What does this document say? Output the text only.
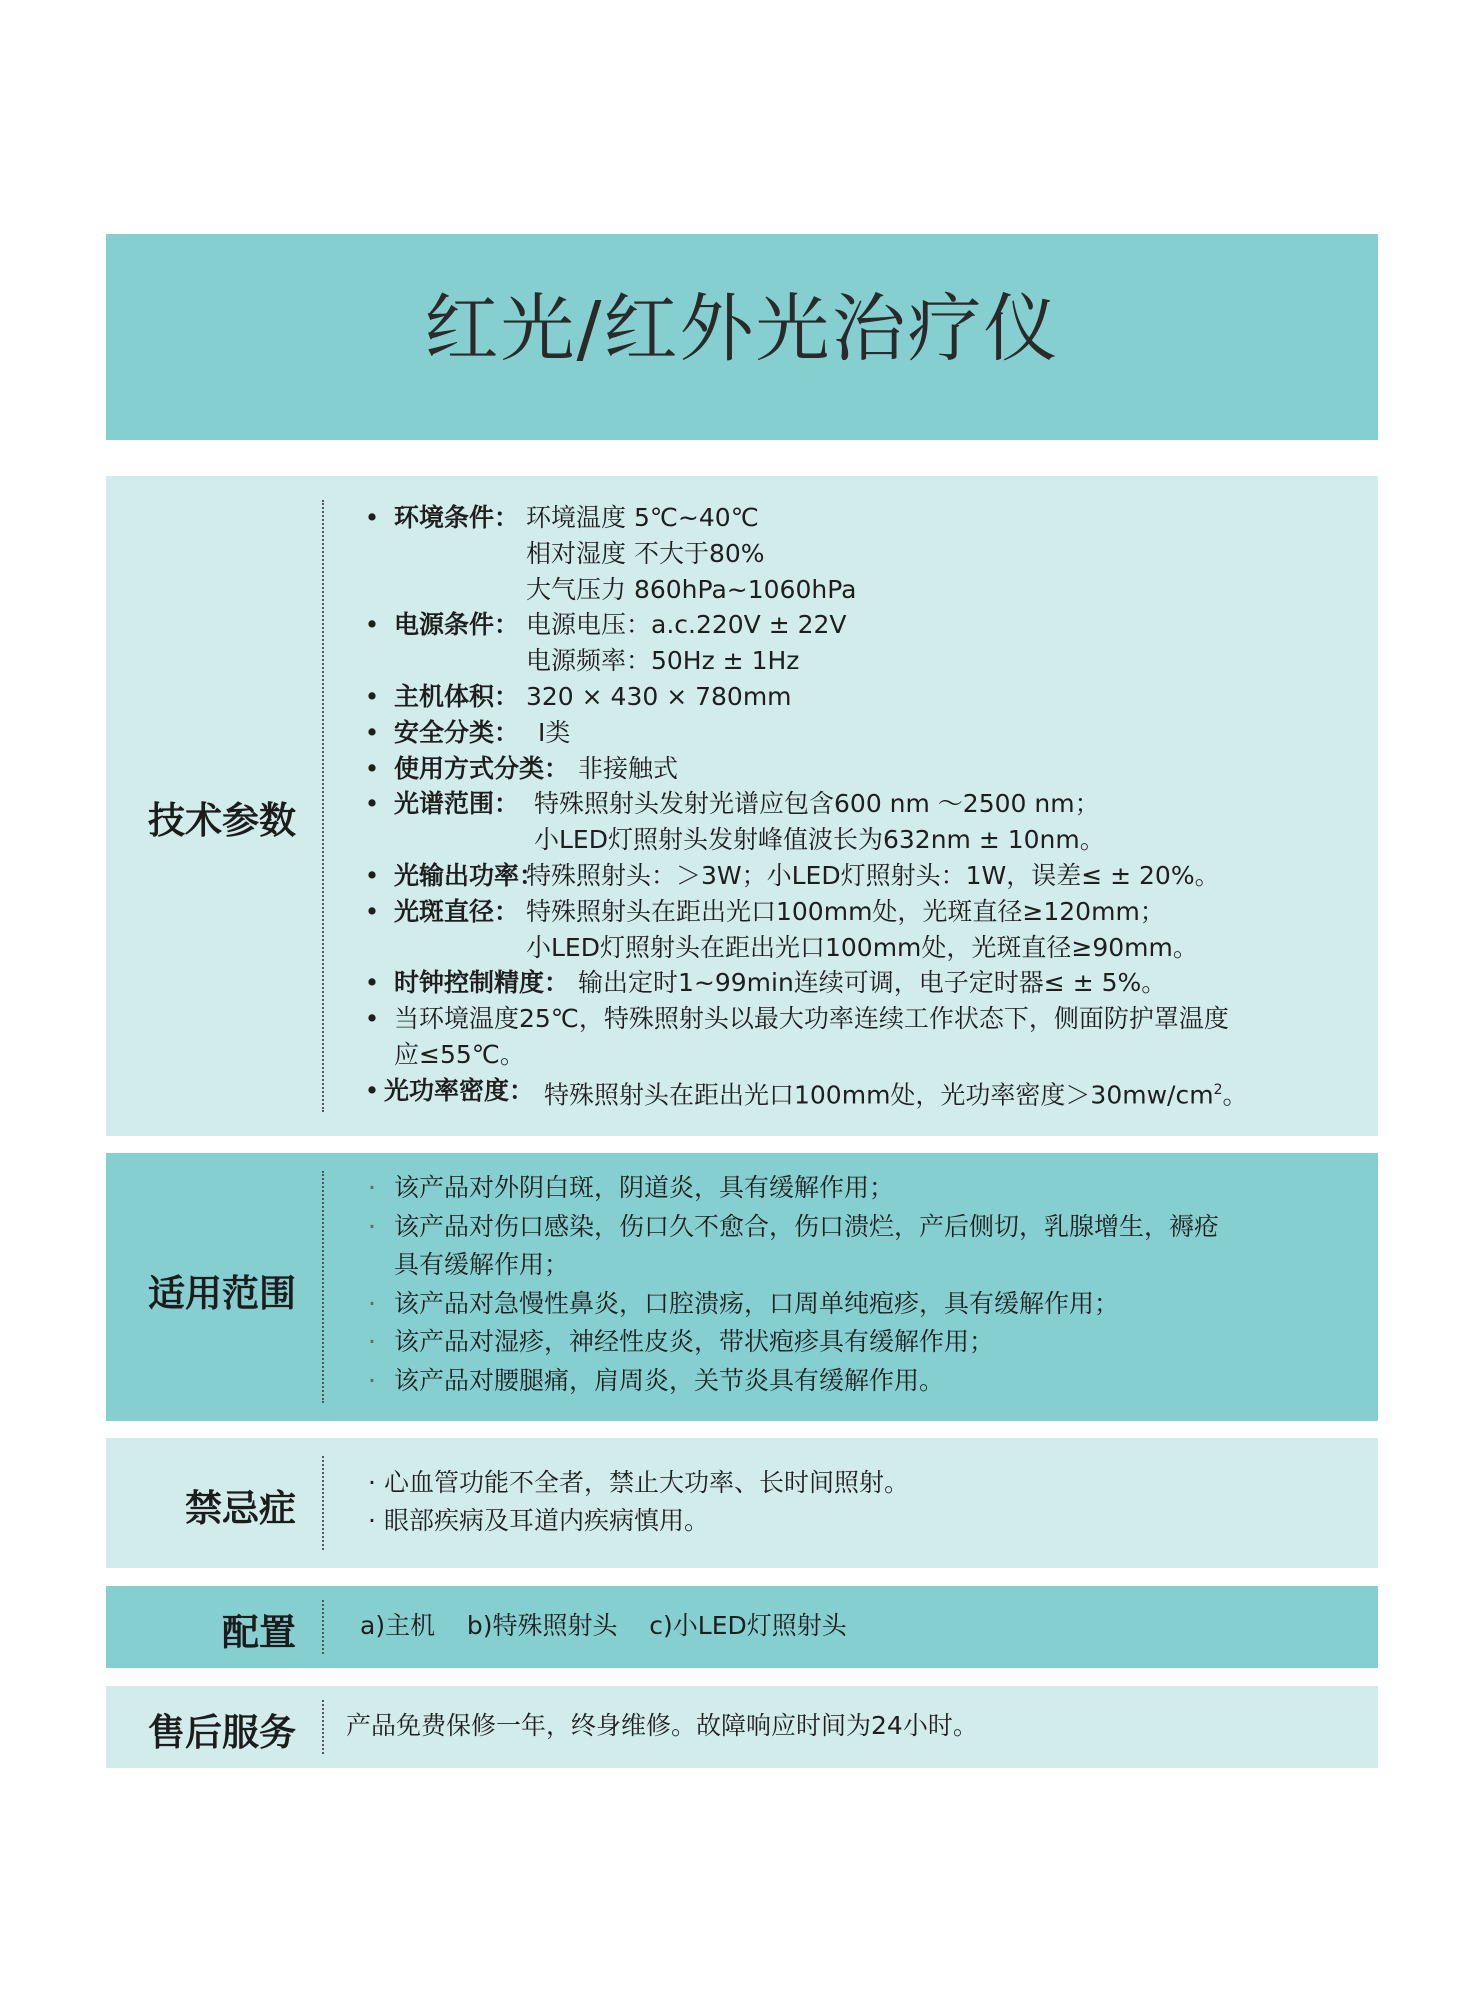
红光/红外光治疗仪
技术参数
• 环境条件： 环境温度 5℃~40℃

相对湿度 不大于80%

大气压力 860hPa~1060hPa

• 电源条件： 电源电压：a.c.220V ± 22V

电源频率：50Hz ± 1Hz

• 主机体积： 320 × 430 × 780mm

• 安全分类： Ⅰ类

• 使用方式分类： 非接触式

• 光谱范围： 特殊照射头发射光谱应包含600 nm ～2500 nm；

小LED灯照射头发射峰值波长为632nm ± 10nm。

• 光输出功率：
特殊照射头：＞3W；小LED灯照射头：1W，误差≤ ± 20%。

• 光斑直径： 特殊照射头在距出光口100mm处，光斑直径≥120mm；

小LED灯照射头在距出光口100mm处，光斑直径≥90mm。

• 时钟控制精度： 输出定时1~99min连续可调，电子定时器≤ ± 5%。

• 当环境温度25℃，特殊照射头以最大功率连续工作状态下，侧面防护罩温度

应≤55℃。

• 光功率密度： 特殊照射头在距出光口100mm处，光功率密度$>30mw/cm^2$。

适用范围
· 该产品对外阴白斑，阴道炎，具有缓解作用；

· 该产品对伤口感染，伤口久不愈合，伤口溃烂，产后侧切，乳腺增生，褥疮

具有缓解作用；

· 该产品对急慢性鼻炎，口腔溃疡，口周单纯疱疹，具有缓解作用；

· 该产品对湿疹，神经性皮炎，带状疱疹具有缓解作用；

· 该产品对腰腿痛，肩周炎，关节炎具有缓解作用。

禁忌症
· 心血管功能不全者，禁止大功率、长时间照射。

· 眼部疾病及耳道内疾病慎用。

配置	a)主机    b)特殊照射头    c)小LED灯照射头
售后服务 产品免费保修一年，终身维修。故障响应时间为24小时。
